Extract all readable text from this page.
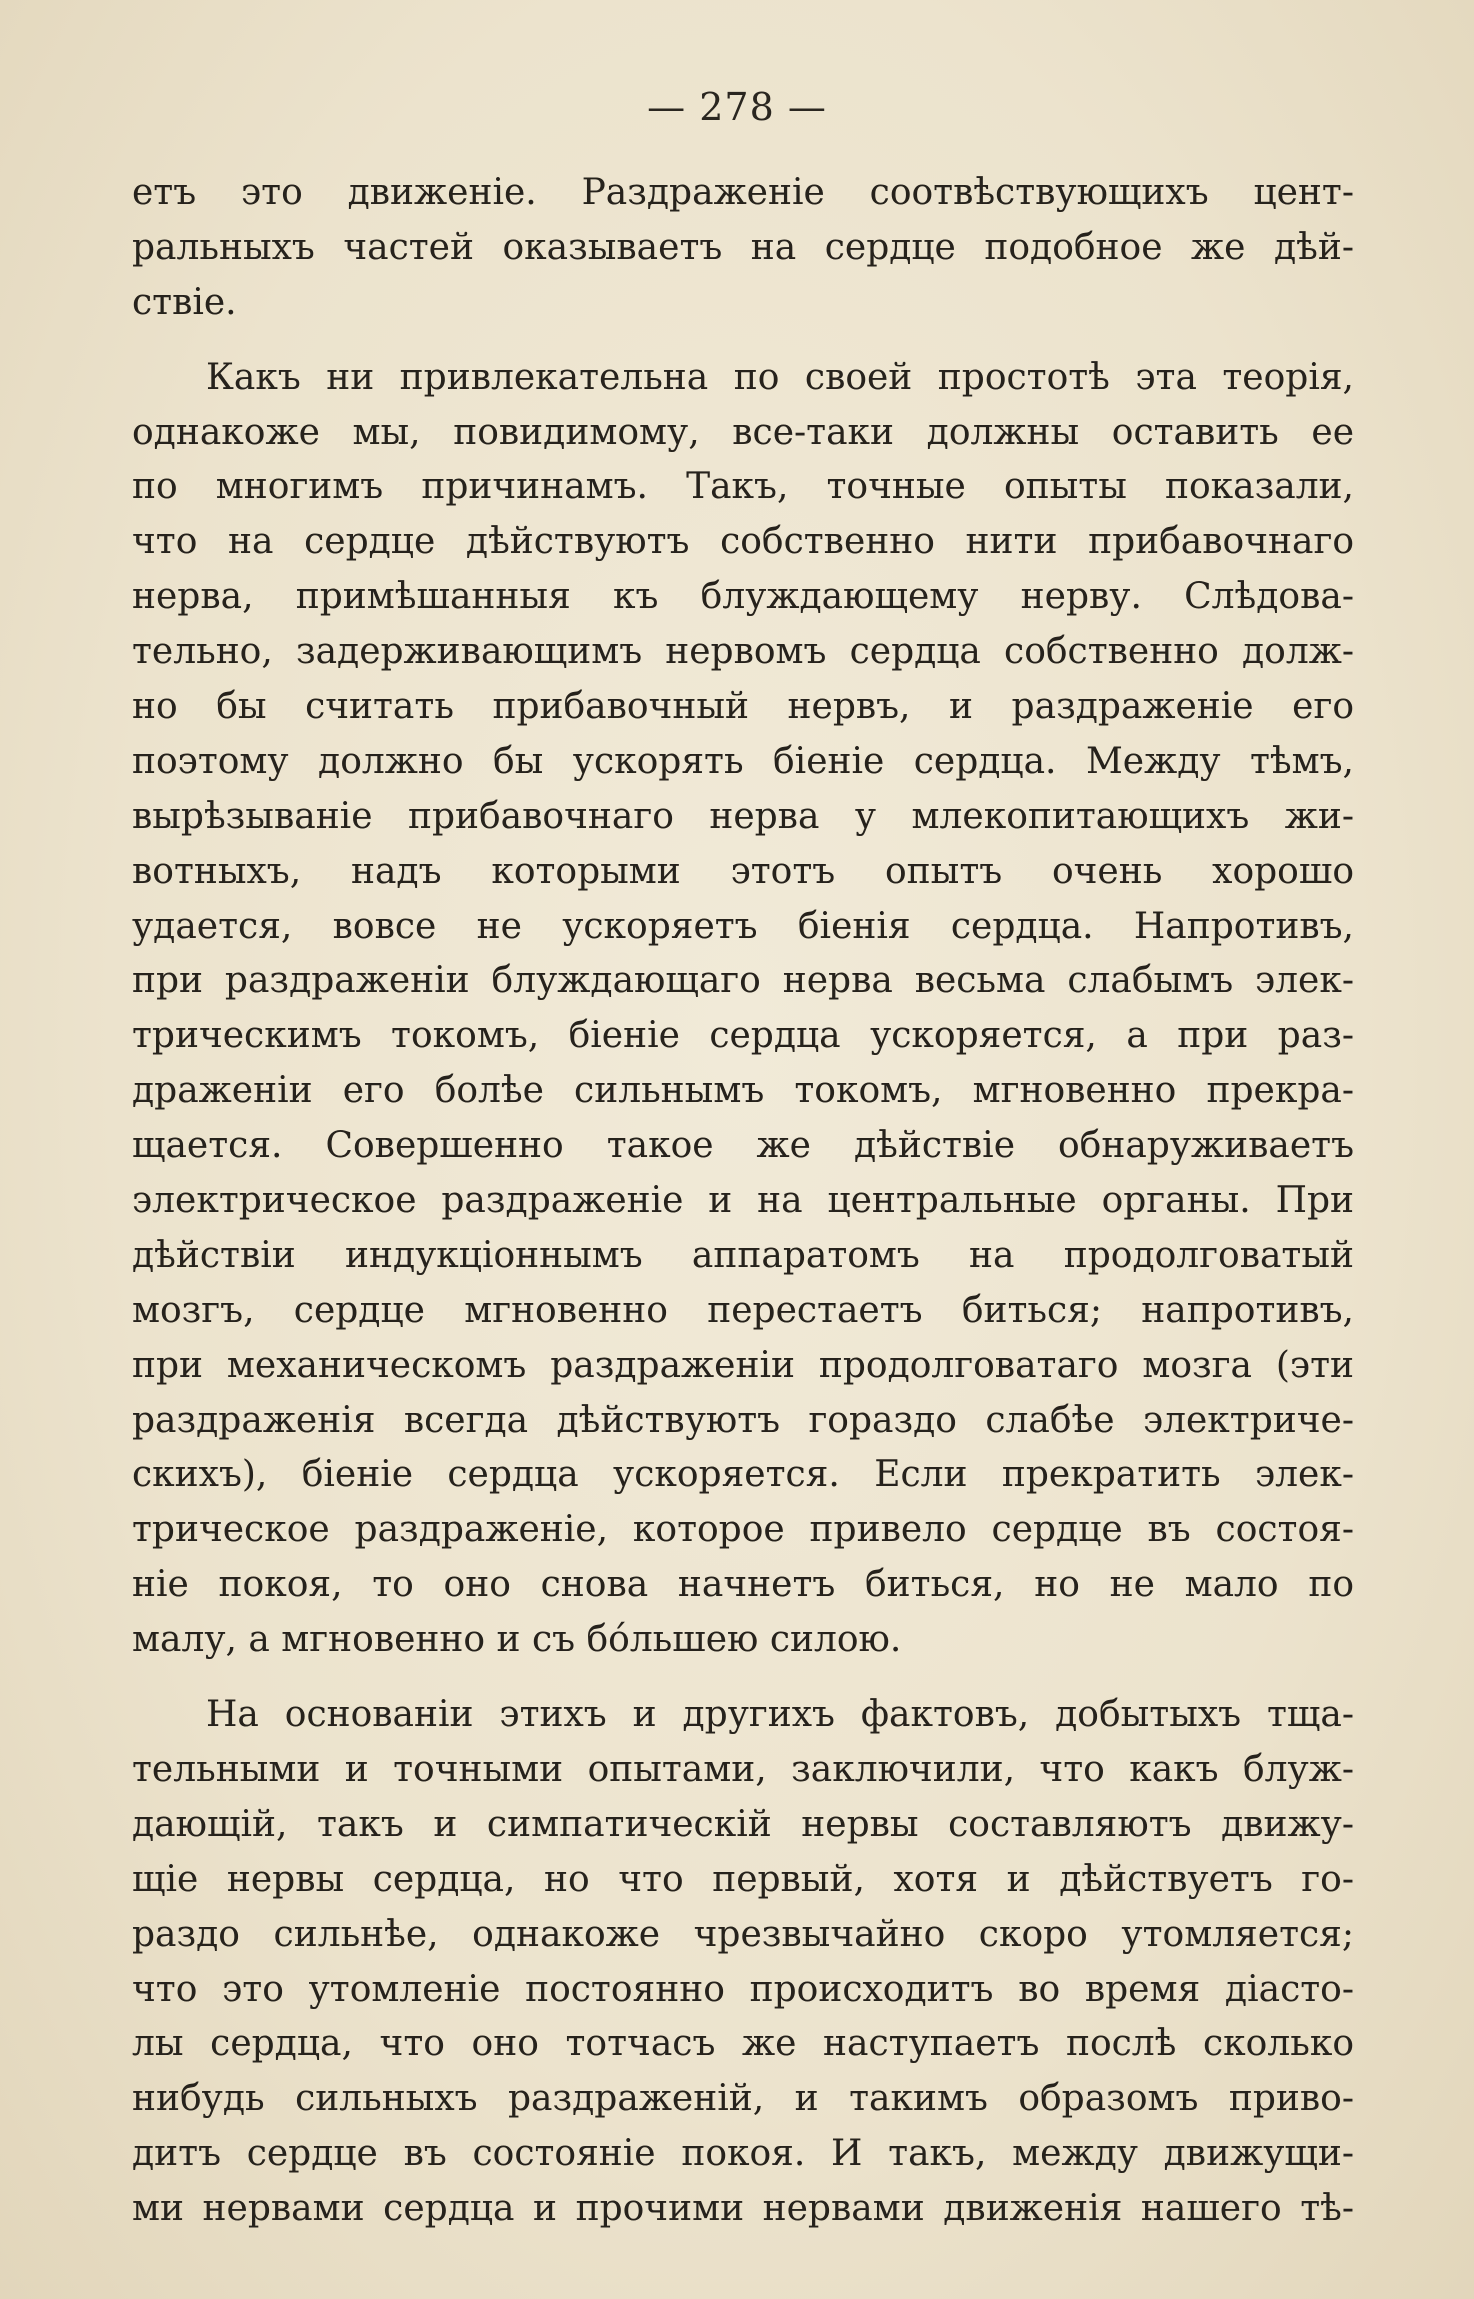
— 278 —
етъ это движенiе. Раздраженiе соотвѣствующихъ цент-
ральныхъ частей оказываетъ на сердце подобное же дѣй-
ствiе.
Какъ ни привлекательна по своей простотѣ эта теорiя,
однакоже мы, повидимому, все-таки должны оставить ее
по многимъ причинамъ. Такъ, точные опыты показали,
что на сердце дѣйствуютъ собственно нити прибавочнаго
нерва, примѣшанныя къ блуждающему нерву. Слѣдова-
тельно, задерживающимъ нервомъ сердца собственно долж-
но бы считать прибавочный нервъ, и раздраженiе его
поэтому должно бы ускорять бiенiе сердца. Между тѣмъ,
вырѣзыванiе прибавочнаго нерва у млекопитающихъ жи-
вотныхъ, надъ которыми этотъ опытъ очень хорошо
удается, вовсе не ускоряетъ бiенiя сердца. Напротивъ,
при раздраженiи блуждающаго нерва весьма слабымъ элек-
трическимъ токомъ, бiенiе сердца ускоряется, а при раз-
драженiи его болѣе сильнымъ токомъ, мгновенно прекра-
щается. Совершенно такое же дѣйствiе обнаруживаетъ
электрическое раздраженiе и на центральные органы. При
дѣйствiи индукцiоннымъ аппаратомъ на продолговатый
мозгъ, сердце мгновенно перестаетъ биться; напротивъ,
при механическомъ раздраженiи продолговатаго мозга (эти
раздраженiя всегда дѣйствуютъ гораздо слабѣе электриче-
скихъ), бiенiе сердца ускоряется. Если прекратить элек-
трическое раздраженiе, которое привело сердце въ состоя-
нiе покоя, то оно снова начнетъ биться, но не мало по
малу, а мгновенно и съ бóльшею силою.
На основанiи этихъ и другихъ фактовъ, добытыхъ тща-
тельными и точными опытами, заключили, что какъ блуж-
дающiй, такъ и симпатическiй нервы составляютъ движу-
щiе нервы сердца, но что первый, хотя и дѣйствуетъ го-
раздо сильнѣе, однакоже чрезвычайно скоро утомляется;
что это утомленiе постоянно происходитъ во время дiасто-
лы сердца, что оно тотчасъ же наступаетъ послѣ сколько
нибудь сильныхъ раздраженiй, и такимъ образомъ приво-
дитъ сердце въ состоянiе покоя. И такъ, между движущи-
ми нервами сердца и прочими нервами движенiя нашего тѣ-
